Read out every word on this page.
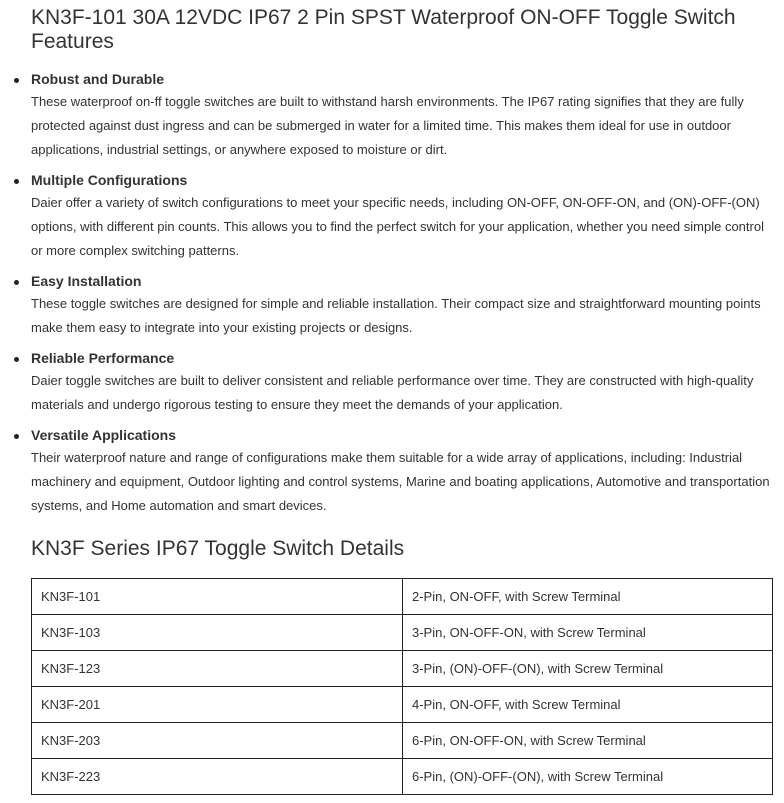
KN3F-101 30A 12VDC IP67 2 Pin SPST Waterproof ON-OFF Toggle Switch Features
Robust and Durable
These waterproof on-ff toggle switches are built to withstand harsh environments. The IP67 rating signifies that they are fully protected against dust ingress and can be submerged in water for a limited time. This makes them ideal for use in outdoor applications, industrial settings, or anywhere exposed to moisture or dirt.
Multiple Configurations
Daier offer a variety of switch configurations to meet your specific needs, including ON-OFF, ON-OFF-ON, and (ON)-OFF-(ON) options, with different pin counts. This allows you to find the perfect switch for your application, whether you need simple control or more complex switching patterns.
Easy Installation
These toggle switches are designed for simple and reliable installation. Their compact size and straightforward mounting points make them easy to integrate into your existing projects or designs.
Reliable Performance
Daier toggle switches are built to deliver consistent and reliable performance over time. They are constructed with high-quality materials and undergo rigorous testing to ensure they meet the demands of your application.
Versatile Applications
Their waterproof nature and range of configurations make them suitable for a wide array of applications, including: Industrial machinery and equipment, Outdoor lighting and control systems, Marine and boating applications, Automotive and transportation systems, and Home automation and smart devices.
KN3F Series IP67 Toggle Switch Details
KN3F-101	2-Pin, ON-OFF, with Screw Terminal
KN3F-103	3-Pin, ON-OFF-ON, with Screw Terminal
KN3F-123	3-Pin, (ON)-OFF-(ON), with Screw Terminal
KN3F-201	4-Pin, ON-OFF, with Screw Terminal
KN3F-203	6-Pin, ON-OFF-ON, with Screw Terminal
KN3F-223	6-Pin, (ON)-OFF-(ON), with Screw Terminal
